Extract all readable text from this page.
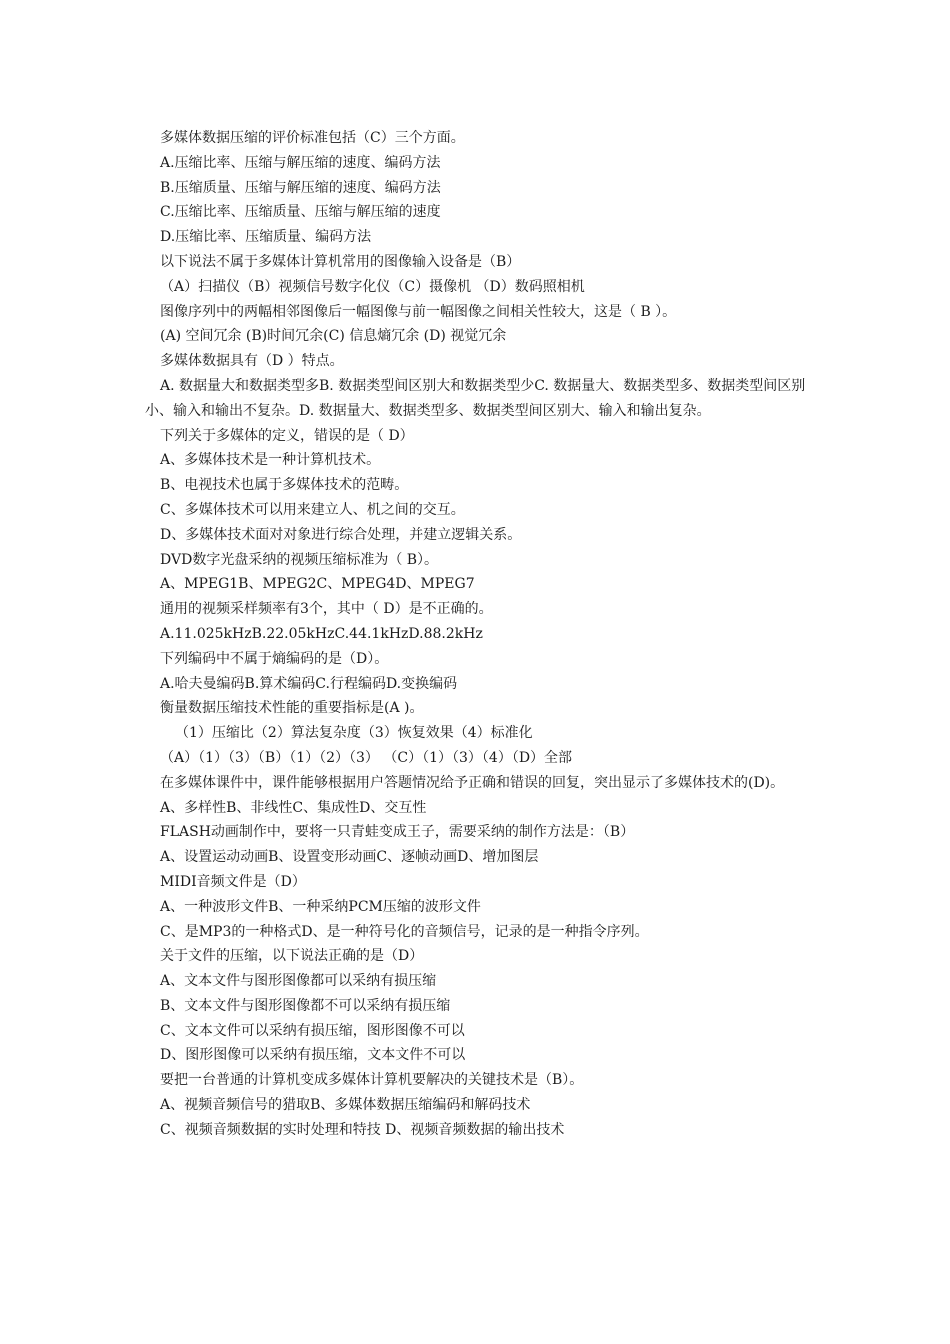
多媒体数据压缩的评价标准包括（C）三个方面。

A.压缩比率、压缩与解压缩的速度、编码方法

B.压缩质量、压缩与解压缩的速度、编码方法

C.压缩比率、压缩质量、压缩与解压缩的速度

D.压缩比率、压缩质量、编码方法

以下说法不属于多媒体计算机常用的图像输入设备是（B）

（A）扫描仪（B）视频信号数字化仪（C）摄像机 （D）数码照相机

图像序列中的两幅相邻图像后一幅图像与前一幅图像之间相关性较大，这是（ B ）。

(A) 空间冗余 (B)时间冗余(C) 信息熵冗余 (D) 视觉冗余

多媒体数据具有（D ）特点。

A. 数据量大和数据类型多B. 数据类型间区别大和数据类型少C. 数据量大、数据类型多、数据类型间区别小、输入和输出不复杂。D. 数据量大、数据类型多、数据类型间区别大、输入和输出复杂。

下列关于多媒体的定义，错误的是（ D）

A、多媒体技术是一种计算机技术。

B、电视技术也属于多媒体技术的范畴。

C、多媒体技术可以用来建立人、机之间的交互。

D、多媒体技术面对对象进行综合处理，并建立逻辑关系。

DVD数字光盘采纳的视频压缩标准为（ B）。

A、MPEG1B、MPEG2C、MPEG4D、MPEG7

通用的视频采样频率有3个，其中（ D）是不正确的。

A.11.025kHzB.22.05kHzC.44.1kHzD.88.2kHz

下列编码中不属于熵编码的是（D）。

A.哈夫曼编码B.算术编码C.行程编码D.变换编码

衡量数据压缩技术性能的重要指标是(A )。

（1）压缩比（2）算法复杂度（3）恢复效果（4）标准化

（A）（1）（3）（B）（1）（2）（3） （C）（1）（3）（4）（D）全部

在多媒体课件中，课件能够根据用户答题情况给予正确和错误的回复，突出显示了多媒体技术的(D)。

A、多样性B、非线性C、集成性D、交互性

FLASH动画制作中，要将一只青蛙变成王子，需要采纳的制作方法是：（B）

A、设置运动动画B、设置变形动画C、逐帧动画D、增加图层

MIDI音频文件是（D）

A、一种波形文件B、一种采纳PCM压缩的波形文件

C、是MP3的一种格式D、是一种符号化的音频信号，记录的是一种指令序列。

关于文件的压缩，以下说法正确的是（D）

A、文本文件与图形图像都可以采纳有损压缩

B、文本文件与图形图像都不可以采纳有损压缩

C、文本文件可以采纳有损压缩，图形图像不可以

D、图形图像可以采纳有损压缩，文本文件不可以

要把一台普通的计算机变成多媒体计算机要解决的关键技术是（B）。

A、视频音频信号的猎取B、多媒体数据压缩编码和解码技术

C、视频音频数据的实时处理和特技 D、视频音频数据的输出技术
